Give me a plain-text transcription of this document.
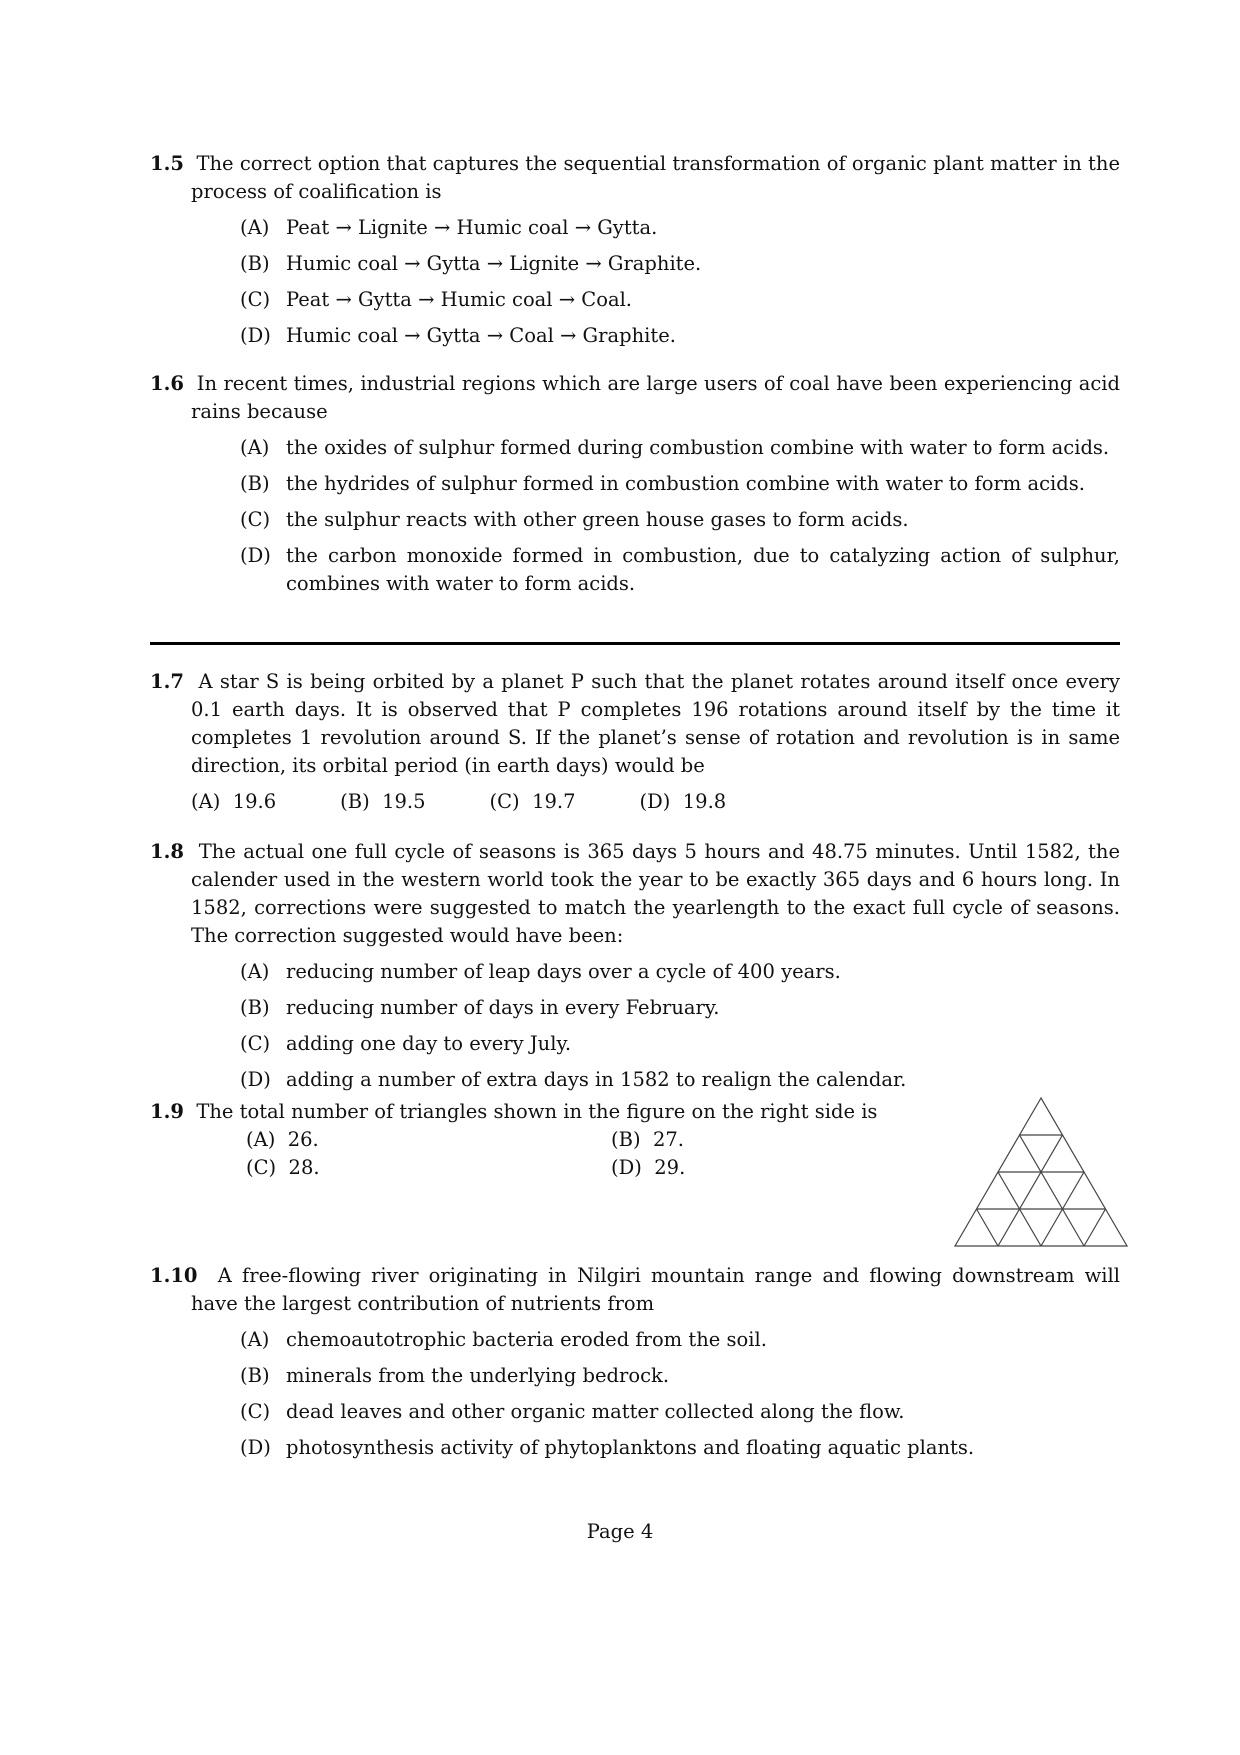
1.5 The correct option that captures the sequential transformation of organic plant matter in the process of coalification is
(A) Peat → Lignite → Humic coal → Gytta.
(B) Humic coal → Gytta → Lignite → Graphite.
(C) Peat → Gytta → Humic coal → Coal.
(D) Humic coal → Gytta → Coal → Graphite.
1.6 In recent times, industrial regions which are large users of coal have been experiencing acid rains because
(A) the oxides of sulphur formed during combustion combine with water to form acids.
(B) the hydrides of sulphur formed in combustion combine with water to form acids.
(C) the sulphur reacts with other green house gases to form acids.
(D) the carbon monoxide formed in combustion, due to catalyzing action of sulphur, combines with water to form acids.
1.7 A star S is being orbited by a planet P such that the planet rotates around itself once every 0.1 earth days. It is observed that P completes 196 rotations around itself by the time it completes 1 revolution around S. If the planet’s sense of rotation and revolution is in same direction, its orbital period (in earth days) would be
(A) 19.6	(B) 19.5	(C) 19.7	(D) 19.8
1.8 The actual one full cycle of seasons is 365 days 5 hours and 48.75 minutes. Until 1582, the calender used in the western world took the year to be exactly 365 days and 6 hours long. In 1582, corrections were suggested to match the yearlength to the exact full cycle of seasons. The correction suggested would have been:
(A) reducing number of leap days over a cycle of 400 years.
(B) reducing number of days in every February.
(C) adding one day to every July.
(D) adding a number of extra days in 1582 to realign the calendar.
1.9 The total number of triangles shown in the figure on the right side is
(A) 26.	(B) 27.
(C) 28.	(D) 29.
1.10 A free-flowing river originating in Nilgiri mountain range and flowing downstream will have the largest contribution of nutrients from
(A) chemoautotrophic bacteria eroded from the soil.
(B) minerals from the underlying bedrock.
(C) dead leaves and other organic matter collected along the flow.
(D) photosynthesis activity of phytoplanktons and floating aquatic plants.
Page 4
